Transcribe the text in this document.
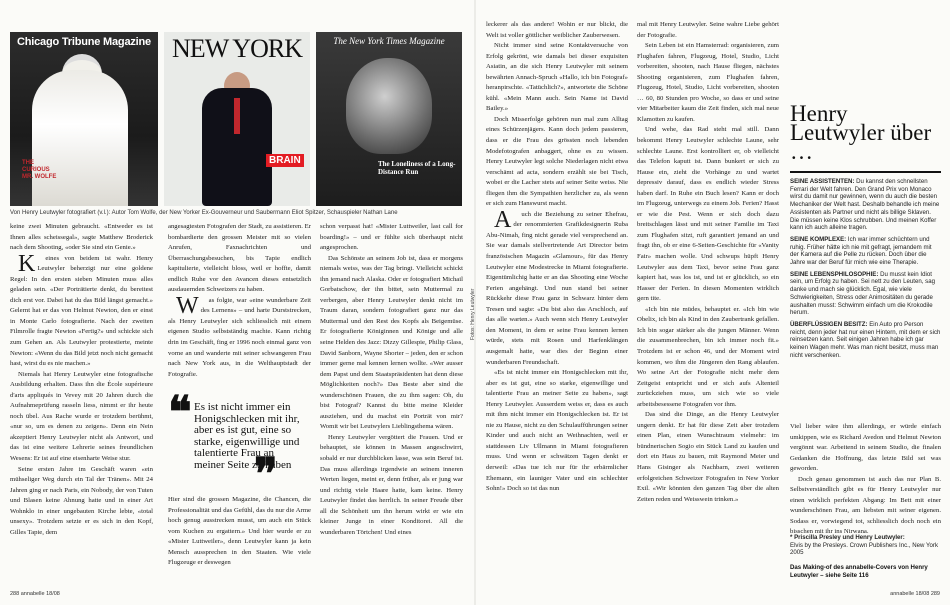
Chicago Tribune Magazine
THE CURIOUS MR. WOLFE
NEW YORK
BRAIN
The New York Times Magazine
The Loneliness of a Long-Distance Run
Von Henry Leutwyler fotografiert (v.l.): Autor Tom Wolfe, der New Yorker Ex-Gouverneur und Saubermann Eliot Spitzer, Schauspieler Nathan Lane

keine zwei Minuten gebraucht. «Entweder es ist Ihnen alles scheissegal», sagte Matthew Broderick nach dem Shooting, «oder Sie sind ein Genie.»

K eines von beidem ist wahr. Henry Leutwyler beherzigt nur eine goldene Regel: In den ersten sieben Minuten muss alles geladen sein. «Der Porträtierte denkt, du bereitest dich erst vor. Dabei hat du das Bild längst gemacht.» Gelernt hat er das von Helmut Newton, den er einst in Monte Carlo fotografierte. Nach der zweiten Filmrolle fragte Newton «Fertig?» und schickte sich zum Gehen an. Als Leutwyler protestierte, meinte Newton: «Wenn du das Bild jetzt noch nicht gemacht hast, wirst du es nie machen.»

Niemals hat Henry Leutwyler eine fotografische Ausbildung erhalten. Dass ihn die École supérieure d'arts appliqués in Vevey mit 20 Jahren durch die Aufnahmeprüfung rasseln liess, nimmt er ihr heute noch übel. Aus Rache wurde er trotzdem berühmt, «nur so, um es denen zu zeigen». Denn ein Nein akzeptiert Henry Leutwyler nicht als Antwort, und das ist eine weitere Lehrerie seines freundlichen Wesens: Er ist auf eine eisenharte Weise stur.

Seine ersten Jahre im Geschäft waren «ein mühseliger Weg durch ein Tal der Tränen». Mit 24 Jahren ging er nach Paris, ein Nobody, der von Tuten und Blasen keine Ahnung hatte und in einer Art Wohnklo in einer ungebauten Kirche lebte, «total unsexy». Trotzdem setzte er es sich in den Kopf, Gilles Tapie, dem

angesagtesten Fotografen der Stadt, zu assistieren. Er bombardierte den grossen Meister mit so vielen Anrufen, Faxnachrichten und Überraschungsbesuchen, bis Tapie endlich kapitulierte, vielleicht bloss, weil er hoffte, damit endlich Ruhe vor den Avancen dieses entsetzlich ausdauernden Schweizers zu haben.

W as folgte, war «eine wunderbare Zeit des Lernens» – und harte Durststrecken, als Henry Leutwyler sich schliesslich mit einem eigenen Studio selbstständig machte. Kann richtig drin im Geschäft, fing er 1996 noch einmal ganz von vorne an und wanderte mit seiner schwangeren Frau nach New York aus, in die Welthauptstadt der Fotografie.

❝ Es ist nicht immer ein Honigschlecken mit ihr, aber es ist gut, eine so starke, eigenwillige und talentierte Frau an meiner Seite zu haben
❞

Hier sind die grossen Magazine, die Chancen, die Professionalität und das Gefühl, das du nur die Arme hoch genug ausstrecken musst, um auch ein Stück vom Kuchen zu ergattern.» Und hier wurde er zu «Mister Luttweiler», denn Leutwyler kann ja kein Mensch aussprechen in den Staaten. Wie viele Flugzeuge er deswegen

schon verpasst hat! «Mister Luttweiler, last call for boarding!» – und er fühlte sich überhaupt nicht angesprochen.

Das Schönste an seinem Job ist, dass er morgens niemals weiss, was der Tag bringt. Vielleicht schickt ihn jemand nach Alaska. Oder er fotografiert Michail Gorbatschow, der ihn bittet, sein Muttermal zu verbergen, aber Henry Leutwyler denkt nicht im Traum daran, sondern fotografiert ganz nur das Muttermal und den Rest des Kopfs als Beigemüse. Er fotografierte Königinnen und Könige und alle seine Helden des Jazz: Dizzy Gillespie, Philip Glass, David Sanborn, Wayne Shorter – jeden, den er schon immer gerne mal kennen lernen wollte. «Wer ausser dem Papst und dem Staatspräsidenten hat denn diese Möglichkeiten noch?» Das Beste aber sind die wunderschönen Frauen, die zu ihm sagen: Oh, du bist Fotograf? Kannst du bitte meine Kleider ausziehen, und du machst ein Porträt von mir? Womit wir bei Leutwylers Lieblingsthema wären.

Henry Leutwyler vergöttert die Frauen. Und er behauptet, sie können in Massen angeschwirrt, sobald er nur durchblicken lasse, was sein Beruf ist. Das muss allerdings irgendwie an seinem inneren Werten liegen, meint er, denn früher, als er jung war und richtig viele Haare hatte, kam keine. Henry Leutwyler findet das herrlich. In seiner Freude über all die Schönheit um ihn herum wirkt er wie ein kleiner Junge in einer Konditorei. All die wunderbaren Törtchen! Und eines

Fotos: Henry Leutwyler

leckerer als das andere! Wohin er nur blickt, die Welt ist voller göttlicher weiblicher Zauberwesen.

Nicht immer sind seine Kontaktversuche von Erfolg gekrönt, wie damals bei dieser exquisiten Asiatin, an die sich Henry Leutwyler mit seinem bewährten Annach-Spruch «Hallo, ich bin Fotograf» heranpirschte. «Tatüchlich?», antwortete die Schöne kühl. «Mein Mann auch. Sein Name ist David Bailey.»

Doch Misserfolge gehören nun mal zum Alltag eines Schürzenjägers. Kann doch jedem passieren, dass er die Frau des grössten noch lebenden Modefotografen anbaggert, ohne es zu wissen. Henry Leutwyler legt solche Niederlagen nicht etwa verschämt ad acta, sondern erzählt sie bei Tisch, wobei er die Lacher stets auf seiner Seite weiss. Nie fliegen ihm die Sympathien herzlicher zu, als wenn er sich zum Hanswurst macht.

A uch die Beziehung zu seiner Ehefrau, der renommierten Grafikdesignerin Ruba Abu-Nimah, fing nicht gerade viel versprechend an. Sie war damals stellvertretende Art Director beim französischen Magazin «Glamour», für das Henry Leutwyler eine Modestrecke in Miami fotografierte. Eigentümlichig hatte er an das Shooting eine Woche Ferien angehängt. Und nun stand bei seiner Rückkehr diese Frau ganz in Schwarz hinter dem Tresen und sagte: «Du bist also das Arschloch, auf das alle warten.» Auch wenn sich Henry Leutwyler den Moment, in dem er seine Frau kennen lernen würde, stets mit Rosen und Harfenklängen ausgemalt hatte, war dies der Beginn einer wunderbaren Freundschaft.

«Es ist nicht immer ein Honigschlecken mit ihr, aber es ist gut, eine so starke, eigenwillige und talentierte Frau an meiner Seite zu haben», sagt Henry Leutwyler. Ausserdem weiss er, dass es auch mit ihm nicht immer ein Honigschlecken ist. Er ist nie zu Hause, nicht zu den Schulaufführungen seiner Kinder und auch nicht an Weihnachten, weil er stattdessen Liv Ullmann in Miami fotografieren muss. Und wenn er schwätzen Tagen denkt er derweil: «Das tue ich nur für ihr erbärmlicher Ehemann, ein launiger Vater und ein schlechter Sohn!» Doch so ist das nun

mal mit Henry Leutwyler. Seine wahre Liebe gehört der Fotografie.

Sein Leben ist ein Hamsterrad: organisieren, zum Flughafen fahren, Flugzeug, Hotel, Studio, Licht vorbereiten, shooten, nach Hause fliegen, nächstes Shooting organisieren, zum Flughafen fahren, Flugzeug, Hotel, Studio, Licht vorbereiten, shooten … 60, 80 Stunden pro Woche, so dass er und seine vier Mitarbeiter kaum die Zeit finden, sich mal neue Klamotten zu kaufen.

Und wehe, das Rad steht mal still. Dann bekommt Henry Leutwyler schlechte Laune, sehr schlechte Laune. Erst kontrolliert er, ob vielleicht das Telefon kaputt ist. Dann bunkert er sich zu Hause ein, zieht die Vorhänge zu und wartet depressiv darauf, dass es endlich wieder Stress haben darf. In Ruhe ein Buch lesen? Kann er doch im Flugzeug, unterwegs zu einem Job. Ferien? Hasst er wie die Pest. Wenn er sich doch dazu breitschlagen lässt und mit seiner Familie im Taxi zum Flughafen sitzt, ruft garantiert jemand an und fragt ihn, ob er eine 6-Seiten-Geschichte für «Vanity Fair» machen wolle. Und schwups hüpft Henry Leutwyler aus dem Taxi, bevor seine Frau ganz kapiert hat, was los ist, und ist er glücklich, so ein Hasser der Ferien. In diesen Momenten wirklich gern tite.

«Ich bin nie müdes, behauptet er. «Ich bin wie Obelix, ich bin als Kind in den Zaubertrank gefallen. Ich bin sogar stärker als die jungen Männer. Wenn die zusammenbrechen, bin ich immer noch fit.» Trotzdem ist er schon 46, und der Moment wird kommen, wo ihm die Jüngeren den Rang ablaufen. Wo seine Art der Fotografie nicht mehr dem Zeitgeist entspricht und er sich aufs Altenteil zurückziehen muss, um sich wie so viele arbeitsbesessene Fotografen vor ihm.

Das sind die Dinge, an die Henry Leutwyler ungern denkt. Er hat für diese Zeit aber trotzdem einen Plan, einen Wunschtraum vielmehr: im bündnerischen Sogio ein Stück Land zu kaufen und dort ein Haus zu bauen, mit Raymond Meier und Hans Gisinger als Nachbarn, zwei weiteren erfolgreichen Schweizer Fotografen in New Yorker Exil. «Wir könnten den ganzen Tag über die alten Zeiten reden und Weisswein trinken.»

Henry Leutwyler über …

SEINE ASSISTENTEN: Du kannst den schnellsten Ferrari der Welt fahren. Den Grand Prix von Monaco wirst du damit nur gewinnen, wenn du auch die besten Mechaniker der Welt hast. Deshalb behandle ich meine Assistenten als Partner und nicht als billige Sklaven. Die müssen keine Klos schrubben. Und meinen Koffer kann ich auch alleine tragen.

SEINE KOMPLEXE: Ich war immer schüchtern und ruhig. Früher hätte ich nie mit gefragt, jemandem mit der Kamera auf die Pelle zu rücken. Doch über die Jahre war der Beruf für mich wie eine Therapie.

SEINE LEBENSPHILOSOPHIE: Du musst kein Idiot sein, um Erfolg zu haben. Sei nett zu den Leuten, sag danke und mach sie glücklich. Egal, wie viele Schwierigkeiten, Stress oder Animositäten du gerade aushalten musst: Schwimm einfach um die Krokodile herum.

ÜBERFLÜSSIGEN BESITZ: Ein Auto pro Person reicht, denn jeder hat nur einen Hintern, mit dem er sich reinsetzen kann. Seit einigen Jahren habe ich gar keinen Wagen mehr. Was man nicht besitzt, muss man nicht verschenken.

Viel lieber wäre ihm allerdings, er würde einfach umkippen, wie es Richard Avedon und Helmut Newton vergönnt war. Arbeitend in seinem Studio, die finalen Gedanken die Hoffnung, das letzte Bild sei was geworden.

Doch genau genommen ist auch das nur Plan B. Selbstverständlich gibt es für Henry Leutwyler nur einen wirklich perfekten Abgang: Im Bett mit einer wunderschönen Frau, am liebsten mit seiner eigenen. Sodass er, vorwiegend tot, schliesslich doch noch ein bisschen mit ihr ins Nirwana.

* Priscilla Presley und Henry Leutwyler:
Elvis by the Presleys. Crown Publishers Inc., New York 2005
Das Making-of des annabelle-Covers von Henry Leutwyler – siehe Seite 116
288 annabelle 18/08	annabelle 18/08 289
